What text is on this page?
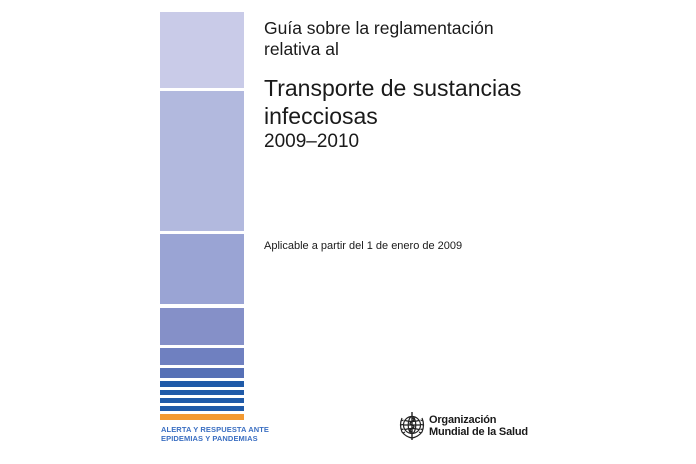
ALERTA Y RESPUESTA ANTE
EPIDEMIAS Y PANDEMIAS
Guía sobre la reglamentación
relativa al
Transporte de sustancias
infecciosas
2009–2010
Aplicable a partir del 1 de enero de 2009
Organización
Mundial de la Salud
